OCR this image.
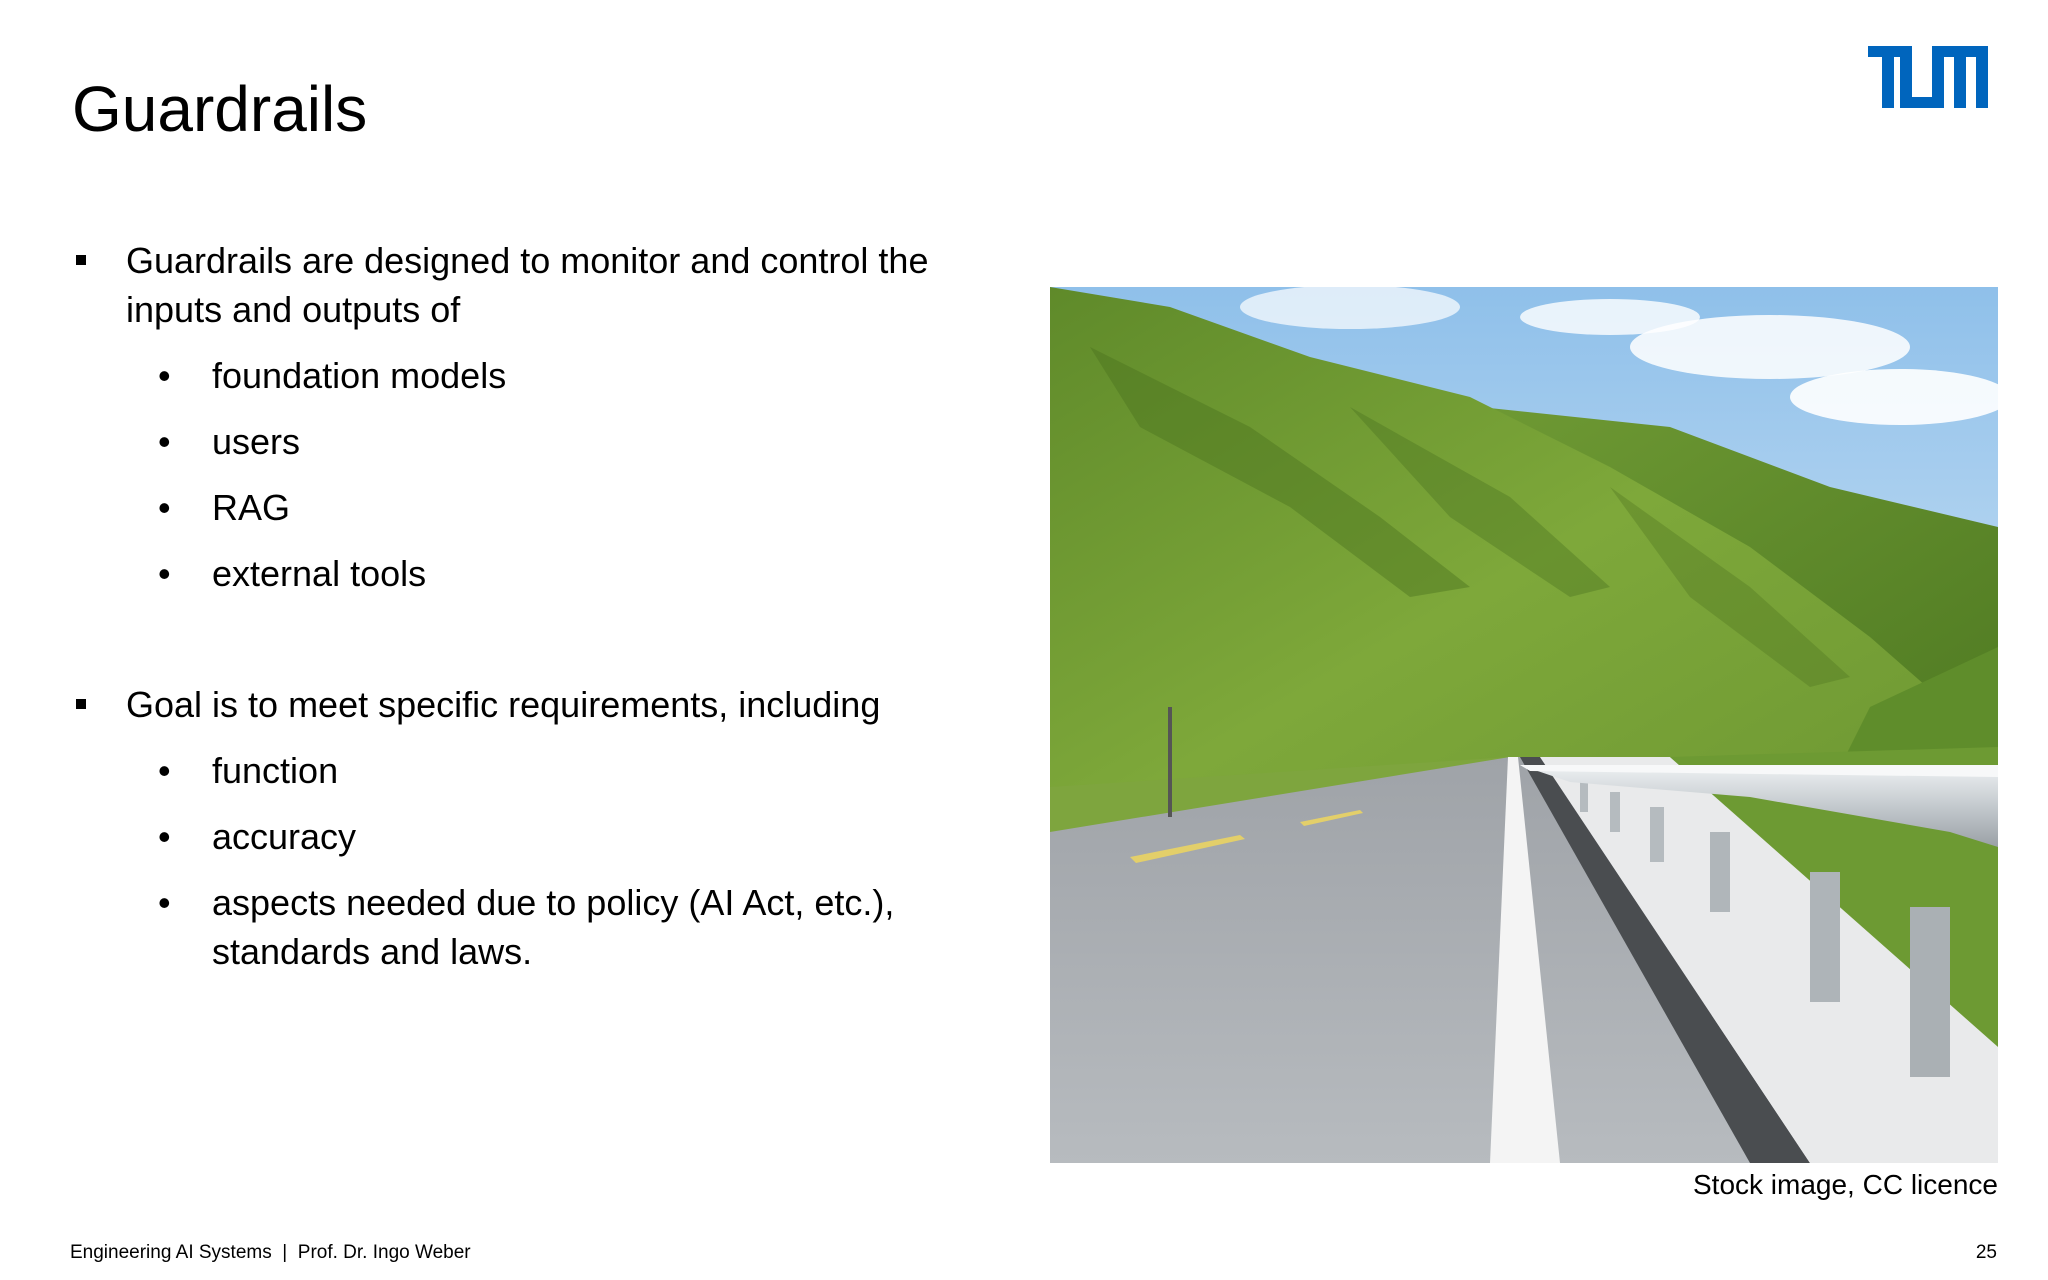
Guardrails

Guardrails are designed to monitor and control the inputs and outputs of

• foundation models
• users
• RAG
• external tools

Goal is to meet specific requirements, including

• function
• accuracy
• aspects needed due to policy (AI Act, etc.), standards and laws.
Stock image, CC licence
Engineering AI Systems  |  Prof. Dr. Ingo Weber	25
